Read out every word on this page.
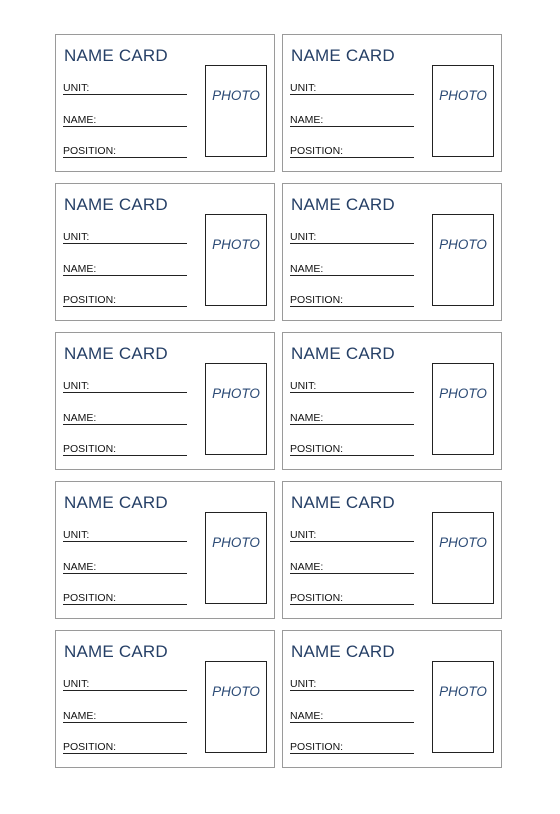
NAME CARD
UNIT:
NAME:
POSITION:
PHOTO
NAME CARD
UNIT:
NAME:
POSITION:
PHOTO
NAME CARD
UNIT:
NAME:
POSITION:
PHOTO
NAME CARD
UNIT:
NAME:
POSITION:
PHOTO
NAME CARD
UNIT:
NAME:
POSITION:
PHOTO
NAME CARD
UNIT:
NAME:
POSITION:
PHOTO
NAME CARD
UNIT:
NAME:
POSITION:
PHOTO
NAME CARD
UNIT:
NAME:
POSITION:
PHOTO
NAME CARD
UNIT:
NAME:
POSITION:
PHOTO
NAME CARD
UNIT:
NAME:
POSITION:
PHOTO
